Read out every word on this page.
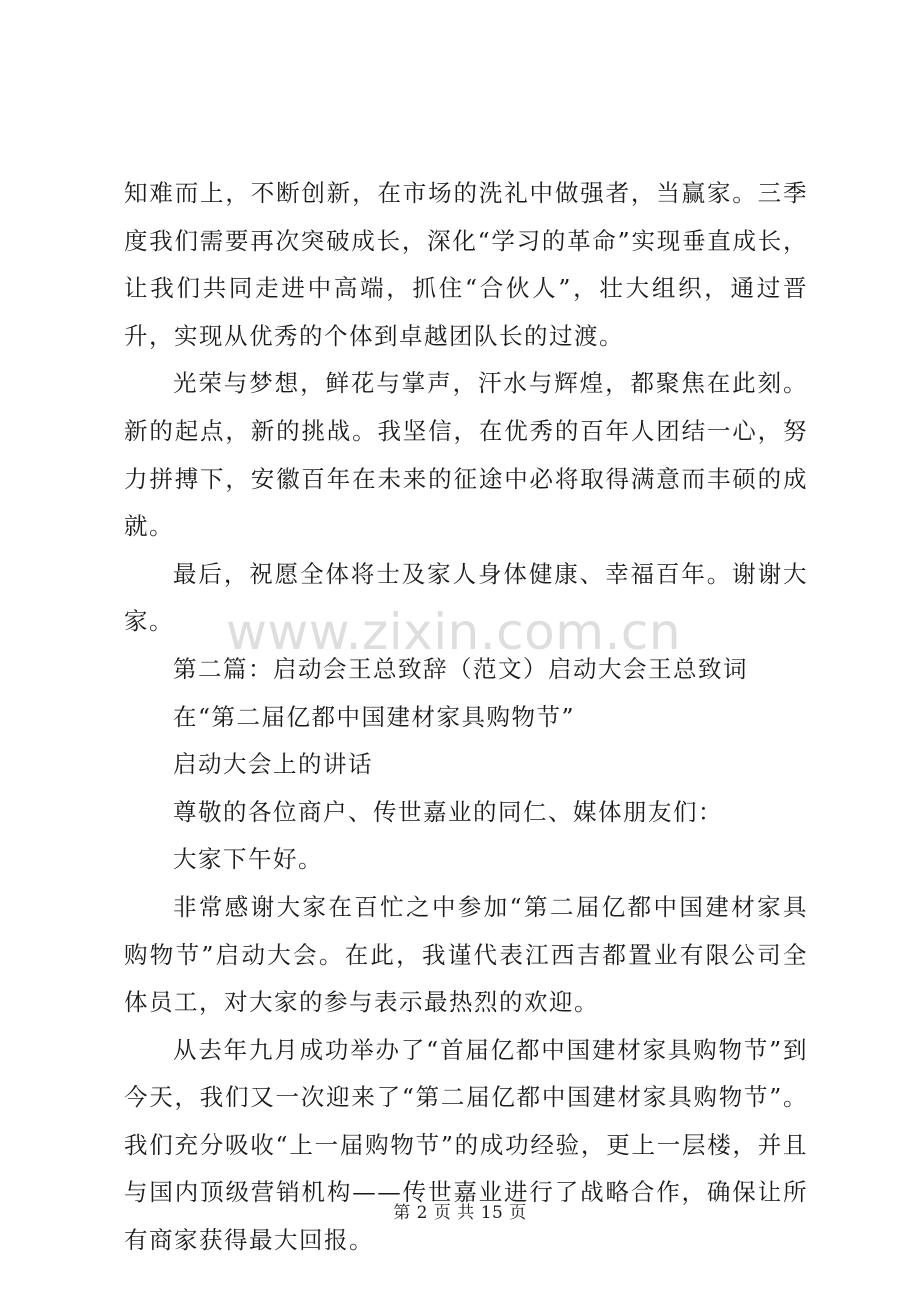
知难而上，不断创新，在市场的洗礼中做强者，当赢家。三季度我们需要再次突破成长，深化“学习的革命”实现垂直成长，让我们共同走进中高端，抓住“合伙人”，壮大组织，通过晋升，实现从优秀的个体到卓越团队长的过渡。

光荣与梦想，鲜花与掌声，汗水与辉煌，都聚焦在此刻。新的起点，新的挑战。我坚信，在优秀的百年人团结一心，努力拼搏下，安徽百年在未来的征途中必将取得满意而丰硕的成就。

最后，祝愿全体将士及家人身体健康、幸福百年。谢谢大家。

第二篇：启动会王总致辞（范文）启动大会王总致词

在“第二届亿都中国建材家具购物节”

启动大会上的讲话

尊敬的各位商户、传世嘉业的同仁、媒体朋友们：

大家下午好。

非常感谢大家在百忙之中参加“第二届亿都中国建材家具购物节”启动大会。在此，我谨代表江西吉都置业有限公司全体员工，对大家的参与表示最热烈的欢迎。

从去年九月成功举办了“首届亿都中国建材家具购物节”到今天，我们又一次迎来了“第二届亿都中国建材家具购物节”。我们充分吸收“上一届购物节”的成功经验，更上一层楼，并且与国内顶级营销机构——传世嘉业进行了战略合作，确保让所有商家获得最大回报。

www.zixin.com.cn
第 2 页 共 15 页
